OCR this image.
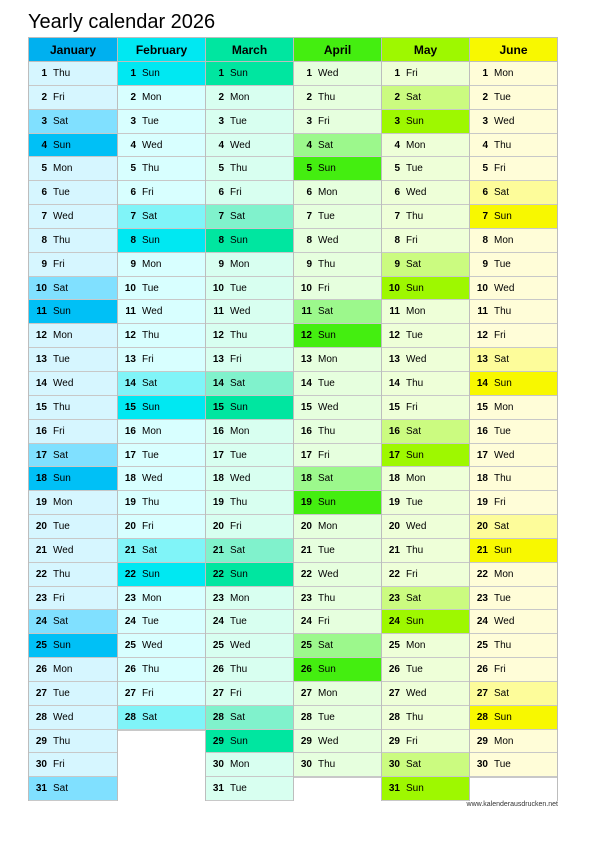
Yearly calendar 2026
January
1 Thu
2 Fri
3 Sat
4 Sun
5 Mon
6 Tue
7 Wed
8 Thu
9 Fri
10 Sat
11 Sun
12 Mon
13 Tue
14 Wed
15 Thu
16 Fri
17 Sat
18 Sun
19 Mon
20 Tue
21 Wed
22 Thu
23 Fri
24 Sat
25 Sun
26 Mon
27 Tue
28 Wed
29 Thu
30 Fri
31 Sat
February
1 Sun
2 Mon
3 Tue
4 Wed
5 Thu
6 Fri
7 Sat
8 Sun
9 Mon
10 Tue
11 Wed
12 Thu
13 Fri
14 Sat
15 Sun
16 Mon
17 Tue
18 Wed
19 Thu
20 Fri
21 Sat
22 Sun
23 Mon
24 Tue
25 Wed
26 Thu
27 Fri
28 Sat
March
1 Sun
2 Mon
3 Tue
4 Wed
5 Thu
6 Fri
7 Sat
8 Sun
9 Mon
10 Tue
11 Wed
12 Thu
13 Fri
14 Sat
15 Sun
16 Mon
17 Tue
18 Wed
19 Thu
20 Fri
21 Sat
22 Sun
23 Mon
24 Tue
25 Wed
26 Thu
27 Fri
28 Sat
29 Sun
30 Mon
31 Tue
April
1 Wed
2 Thu
3 Fri
4 Sat
5 Sun
6 Mon
7 Tue
8 Wed
9 Thu
10 Fri
11 Sat
12 Sun
13 Mon
14 Tue
15 Wed
16 Thu
17 Fri
18 Sat
19 Sun
20 Mon
21 Tue
22 Wed
23 Thu
24 Fri
25 Sat
26 Sun
27 Mon
28 Tue
29 Wed
30 Thu
May
1 Fri
2 Sat
3 Sun
4 Mon
5 Tue
6 Wed
7 Thu
8 Fri
9 Sat
10 Sun
11 Mon
12 Tue
13 Wed
14 Thu
15 Fri
16 Sat
17 Sun
18 Mon
19 Tue
20 Wed
21 Thu
22 Fri
23 Sat
24 Sun
25 Mon
26 Tue
27 Wed
28 Thu
29 Fri
30 Sat
31 Sun
June
1 Mon
2 Tue
3 Wed
4 Thu
5 Fri
6 Sat
7 Sun
8 Mon
9 Tue
10 Wed
11 Thu
12 Fri
13 Sat
14 Sun
15 Mon
16 Tue
17 Wed
18 Thu
19 Fri
20 Sat
21 Sun
22 Mon
23 Tue
24 Wed
25 Thu
26 Fri
27 Sat
28 Sun
29 Mon
30 Tue
www.kalenderausdrucken.net
